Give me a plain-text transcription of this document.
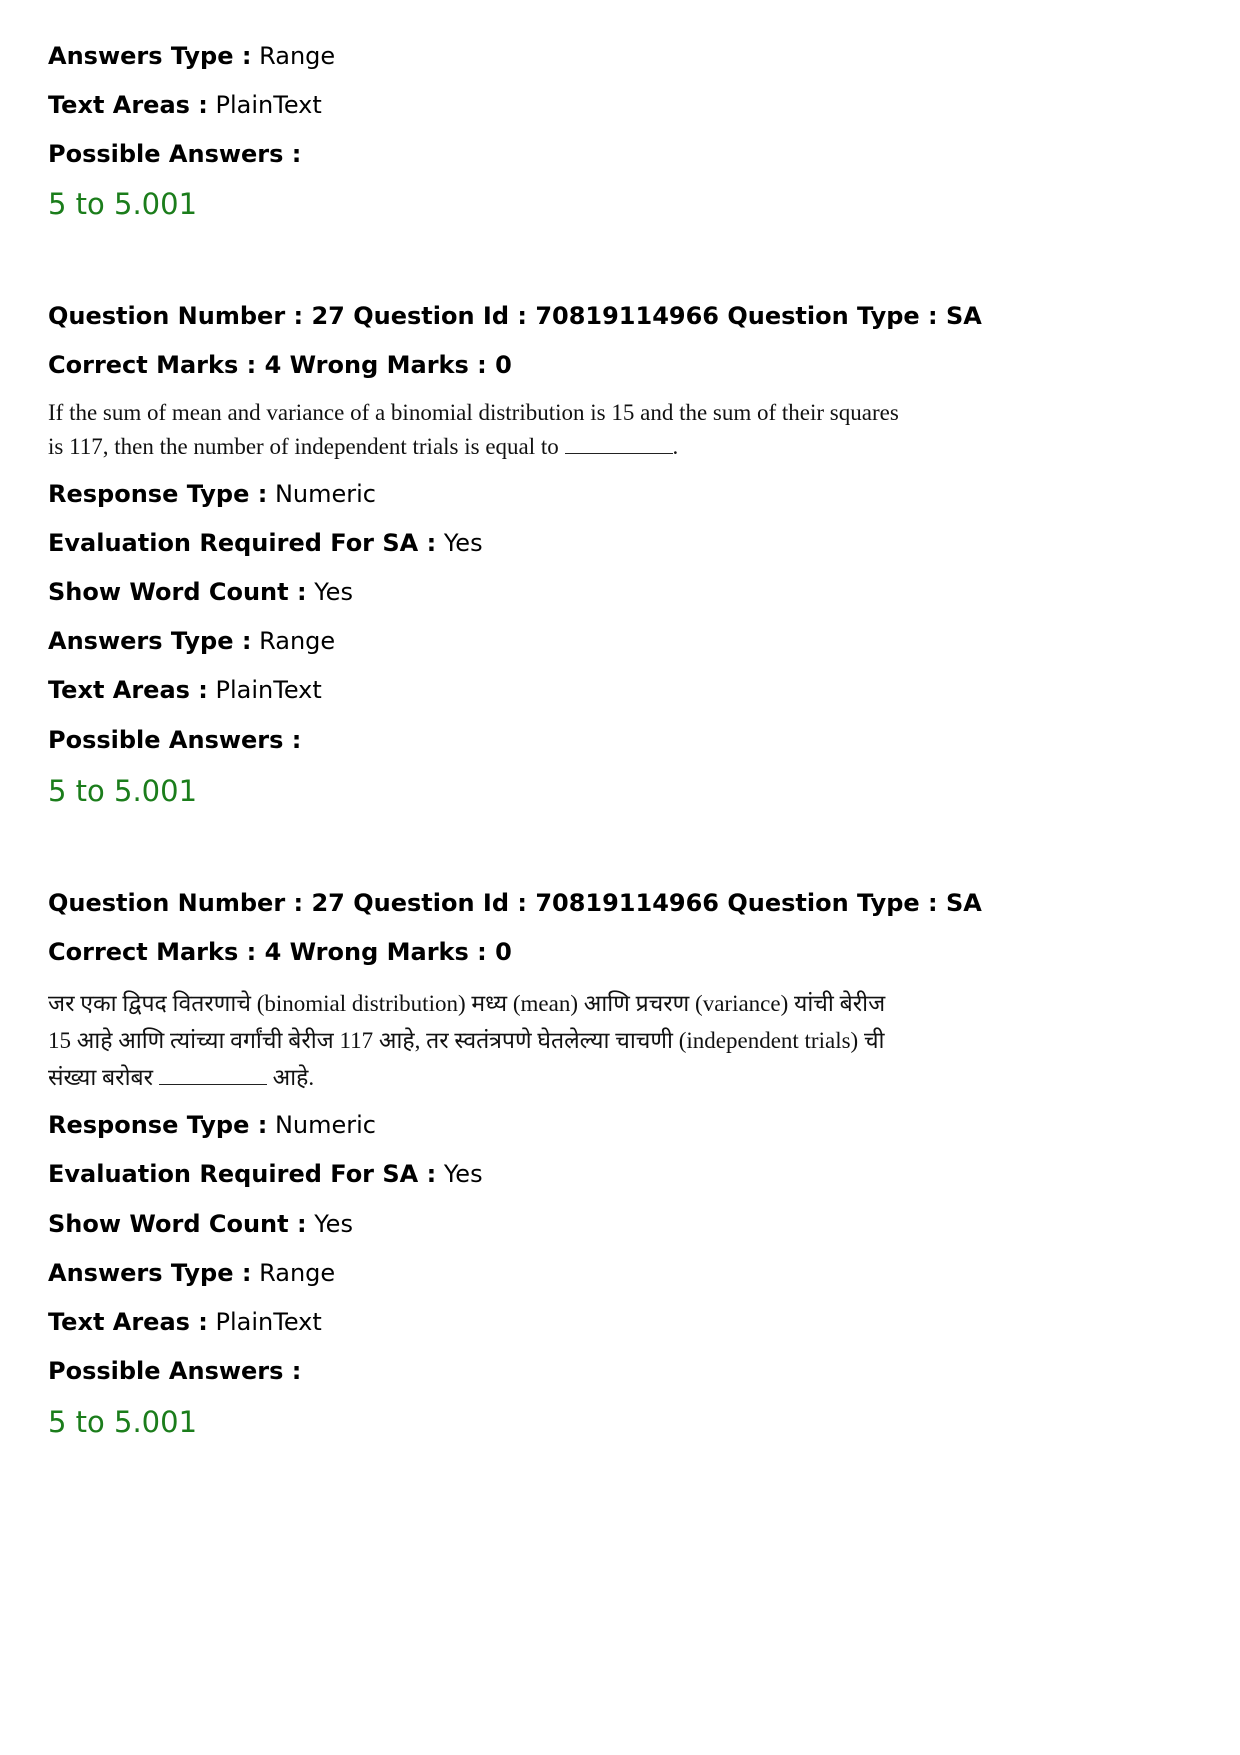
Answers Type : Range
Text Areas : PlainText
Possible Answers :
5 to 5.001
Question Number : 27 Question Id : 70819114966 Question Type : SA
Correct Marks : 4 Wrong Marks : 0

If the sum of mean and variance of a binomial distribution is 15 and the sum of their squares

is 117, then the number of independent trials is equal to	.

Response Type : Numeric
Evaluation Required For SA : Yes
Show Word Count : Yes
Answers Type : Range
Text Areas : PlainText
Possible Answers :
5 to 5.001
Question Number : 27 Question Id : 70819114966 Question Type : SA
Correct Marks : 4 Wrong Marks : 0

जर एका द्विपद वितरणाचे (binomial distribution) मध्य (mean) आणि प्रचरण (variance) यांची बेरीज

15 आहे आणि त्यांच्या वर्गांची बेरीज 117 आहे, तर स्वतंत्रपणे घेतलेल्या चाचणी (independent trials) ची

संख्या बरोबर	आहे.

Response Type : Numeric
Evaluation Required For SA : Yes
Show Word Count : Yes
Answers Type : Range
Text Areas : PlainText
Possible Answers :
5 to 5.001
